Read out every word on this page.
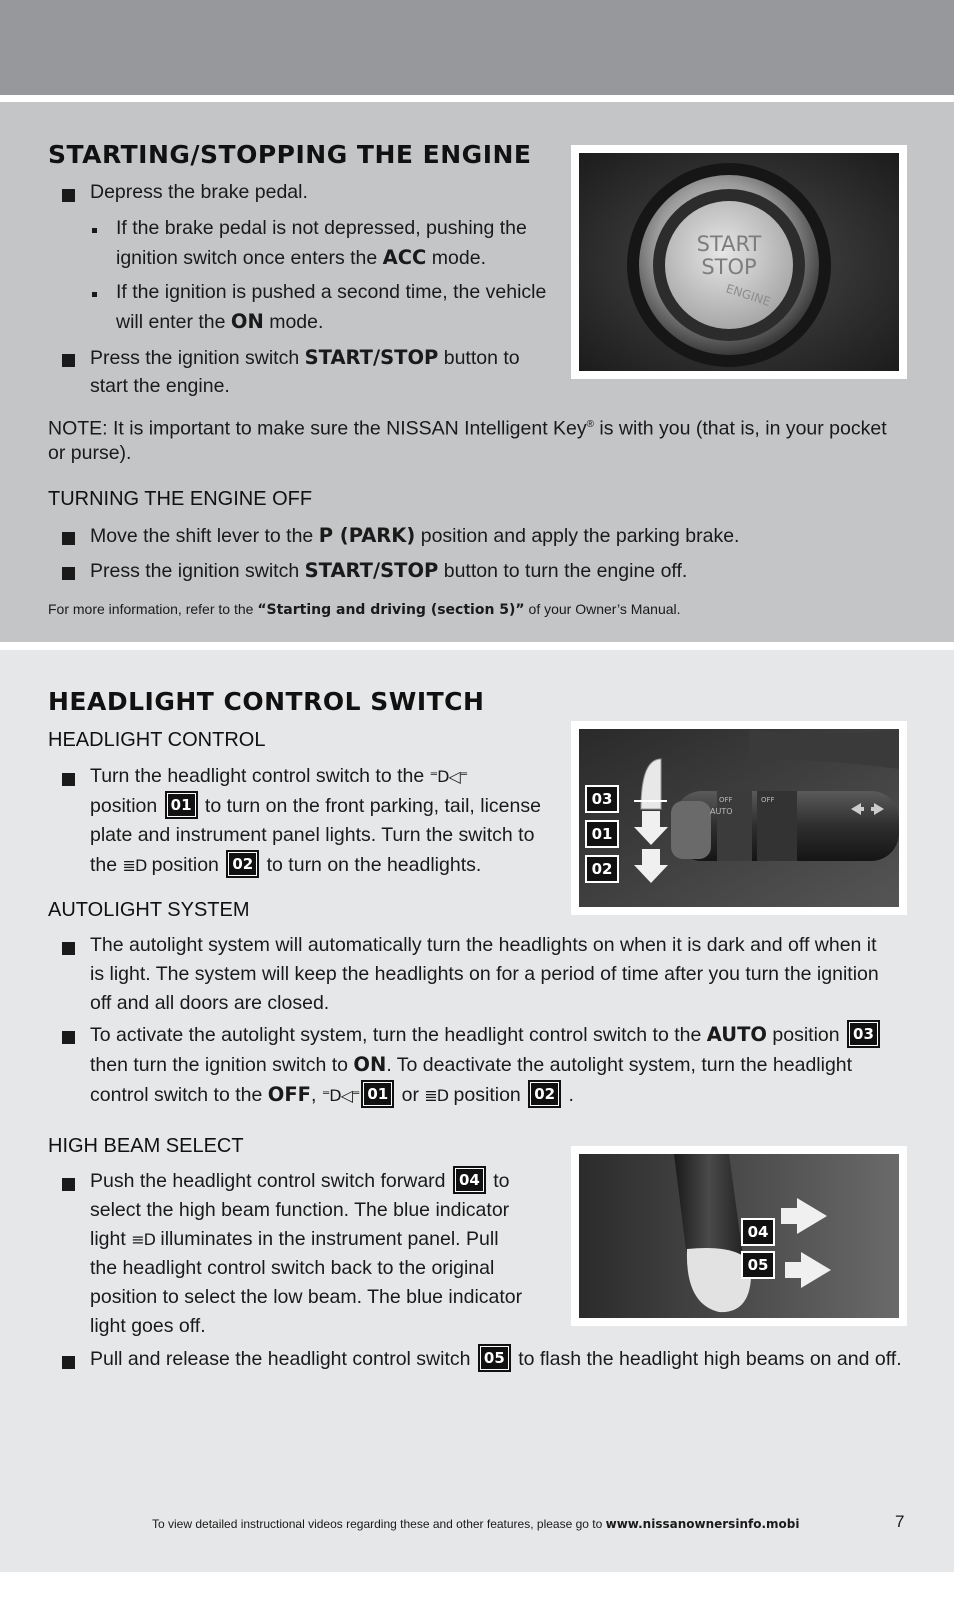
STARTING/STOPPING THE ENGINE
Depress the brake pedal.
If the brake pedal is not depressed, pushing the
ignition switch once enters the ACC mode.
If the ignition is pushed a second time, the vehicle
will enter the ON mode.
Press the ignition switch START/STOP button to
start the engine.
START
STOP
ENGINE
NOTE: It is important to make sure the NISSAN Intelligent Key® is with you (that is, in your pocket
or purse).
TURNING THE ENGINE OFF
Move the shift lever to the P (PARK) position and apply the parking brake.
Press the ignition switch START/STOP button to turn the engine off.
For more information, refer to the “Starting and driving (section 5)” of your Owner’s Manual.
HEADLIGHT CONTROL SWITCH
HEADLIGHT CONTROL
Turn the headlight control switch to the ⁼D◁⁼
position 01 to turn on the front parking, tail, license
plate and instrument panel lights. Turn the switch to
the ≣D position 02 to turn on the headlights.
OFF
AUTO
OFF
03
01
02
AUTOLIGHT SYSTEM
The autolight system will automatically turn the headlights on when it is dark and off when it
is light. The system will keep the headlights on for a period of time after you turn the ignition
off and all doors are closed.
To activate the autolight system, turn the headlight control switch to the AUTO position 03
then turn the ignition switch to ON. To deactivate the autolight system, turn the headlight
control switch to the OFF, ⁼D◁⁼ 01 or ≣D position 02 .
HIGH BEAM SELECT
Push the headlight control switch forward 04 to
select the high beam function. The blue indicator
light ≡D illuminates in the instrument panel. Pull
the headlight control switch back to the original
position to select the low beam. The blue indicator
light goes off.
04
05
Pull and release the headlight control switch 05 to flash the headlight high beams on and off.
To view detailed instructional videos regarding these and other features, please go to www.nissanownersinfo.mobi	7
